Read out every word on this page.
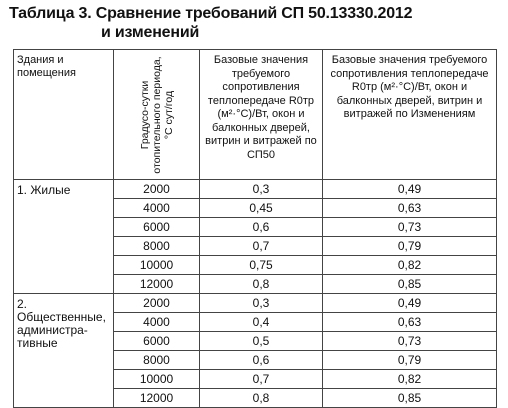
Таблица 3. Сравнение требований СП 50.13330.2012
и изменений
Здания и помещения	Градусо-сутки отопительного периода, °С сут/год	Базовые значения требуемого сопротивления теплопередаче R0тр (м²·°С)/Вт, окон и балконных дверей, витрин и витражей по СП50	Базовые значения требуемого сопротивления теплопередаче R0тр (м²·°С)/Вт, окон и балконных дверей, витрин и витражей по Изменениям
1. Жилые	2000	0,3	0,49
	4000	0,45	0,63
	6000	0,6	0,73
	8000	0,7	0,79
	10000	0,75	0,82
	12000	0,8	0,85
2. Общественные, администра-тивные	2000	0,3	0,49
	4000	0,4	0,63
	6000	0,5	0,73
	8000	0,6	0,79
	10000	0,7	0,82
	12000	0,8	0,85
